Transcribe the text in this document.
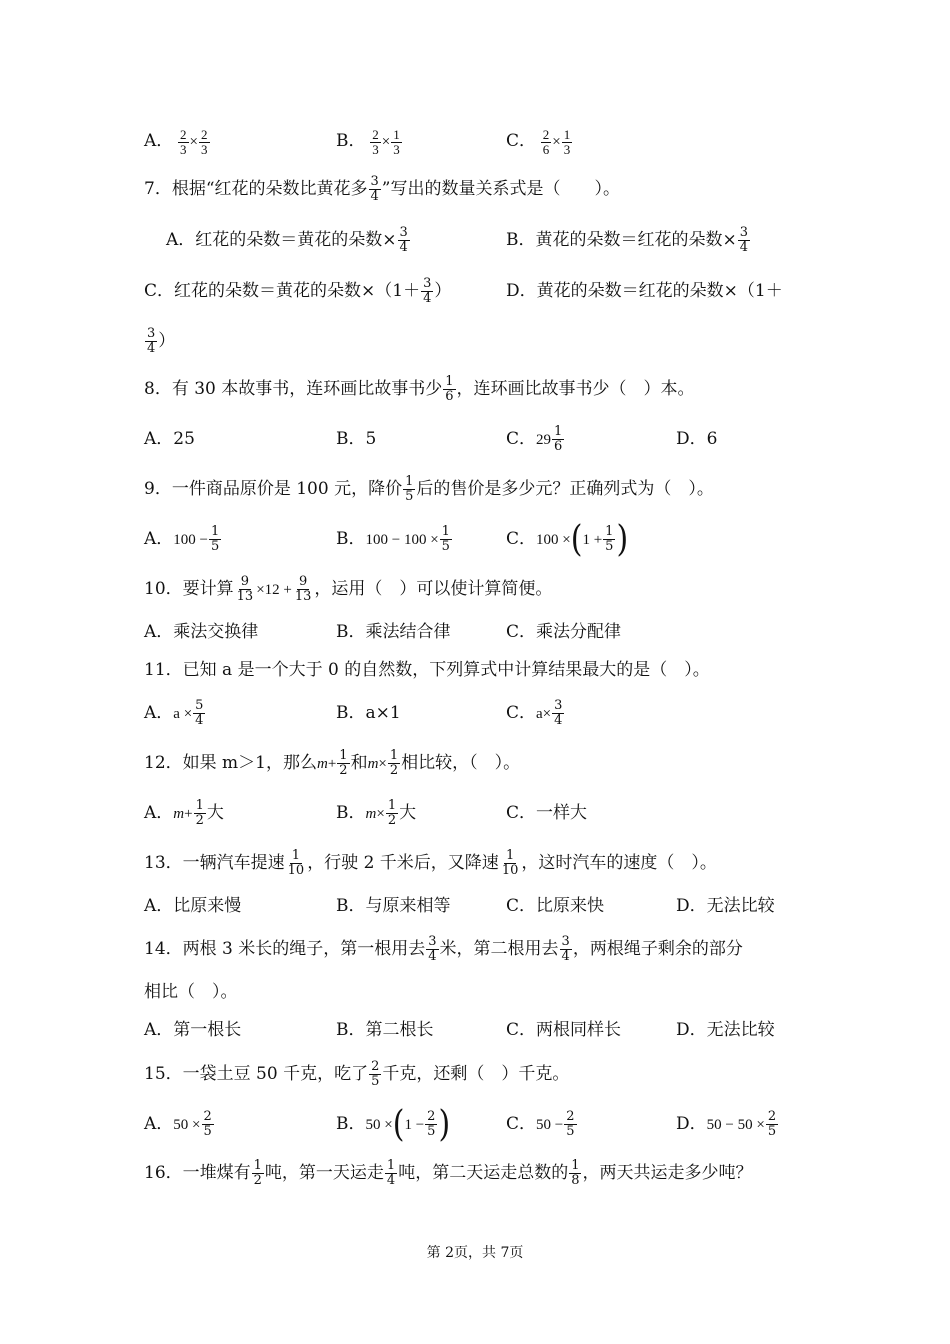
A． $\frac{2}{3} \times \frac{2}{3}$	B． $\frac{2}{3} \times \frac{1}{3}$	C． $\frac{2}{6} \times \frac{1}{3}$
7．根据“红花的朵数比黄花多 $\frac{3}{4}$ ”写出的数量关系式是（　　）。
A．红花的朵数＝黄花的朵数× $\frac{3}{4}$	B．黄花的朵数＝红花的朵数× $\frac{3}{4}$
C．红花的朵数＝黄花的朵数$\times(1+ \frac{3}{4}$ ）	D．黄花的朵数＝红花的朵数×（1＋
$\frac{3}{4}$ ）
8．有 30 本故事书，连环画比故事书少 $\frac{1}{6}$ ，连环画比故事书少（　）本。
A．25	B．5	C．$29 \frac{1}{6}$	D．6
9．一件商品原价是 100 元，降价 $\frac{1}{5}$ 后的售价是多少元？正确列式为（　）。
A．$100 - \frac{1}{5}$	B．$100 - 100 \times \frac{1}{5}$	C．$100 \times(1 + \frac{1}{5}$ )
10．要计算 $\frac{9}{13} \times 12 + \frac{9}{13}$ ，运用（　）可以使计算简便。
A．乘法交换律	B．乘法结合律	C．乘法分配律
11．已知 a 是一个大于 0 的自然数，下列算式中计算结果最大的是（　）。
A．$a \times \frac{5}{4}$	B．a×1	C．$a\times \frac{3}{4}$
12．如果 m＞1，那么$m+ \frac{1}{2}$ 和$m\times \frac{1}{2}$ 相比较，（　）。
A．$m+ \frac{1}{2}$ 大	B．$m\times \frac{1}{2}$ 大	C．一样大
13．一辆汽车提速 $\frac{1}{10}$ ，行驶 2 千米后，又降速 $\frac{1}{10}$ ，这时汽车的速度（　）。
A．比原来慢	B．与原来相等	C．比原来快	D．无法比较
14．两根 3 米长的绳子，第一根用去 $\frac{3}{4}$ 米，第二根用去 $\frac{3}{4}$ ，两根绳子剩余的部分
相比（　）。
A．第一根长	B．第二根长	C．两根同样长	D．无法比较
15．一袋土豆 50 千克，吃了 $\frac{2}{5}$ 千克，还剩（　）千克。
A．$50 \times \frac{2}{5}$	B．$50 \times(1 - \frac{2}{5}$ )	C．$50 - \frac{2}{5}$	D．$50 - 50 \times \frac{2}{5}$
16．一堆煤有 $\frac{1}{2}$ 吨，第一天运走 $\frac{1}{4}$ 吨，第二天运走总数的 $\frac{1}{8}$ ，两天共运走多少吨？
第 2页，共 7页
